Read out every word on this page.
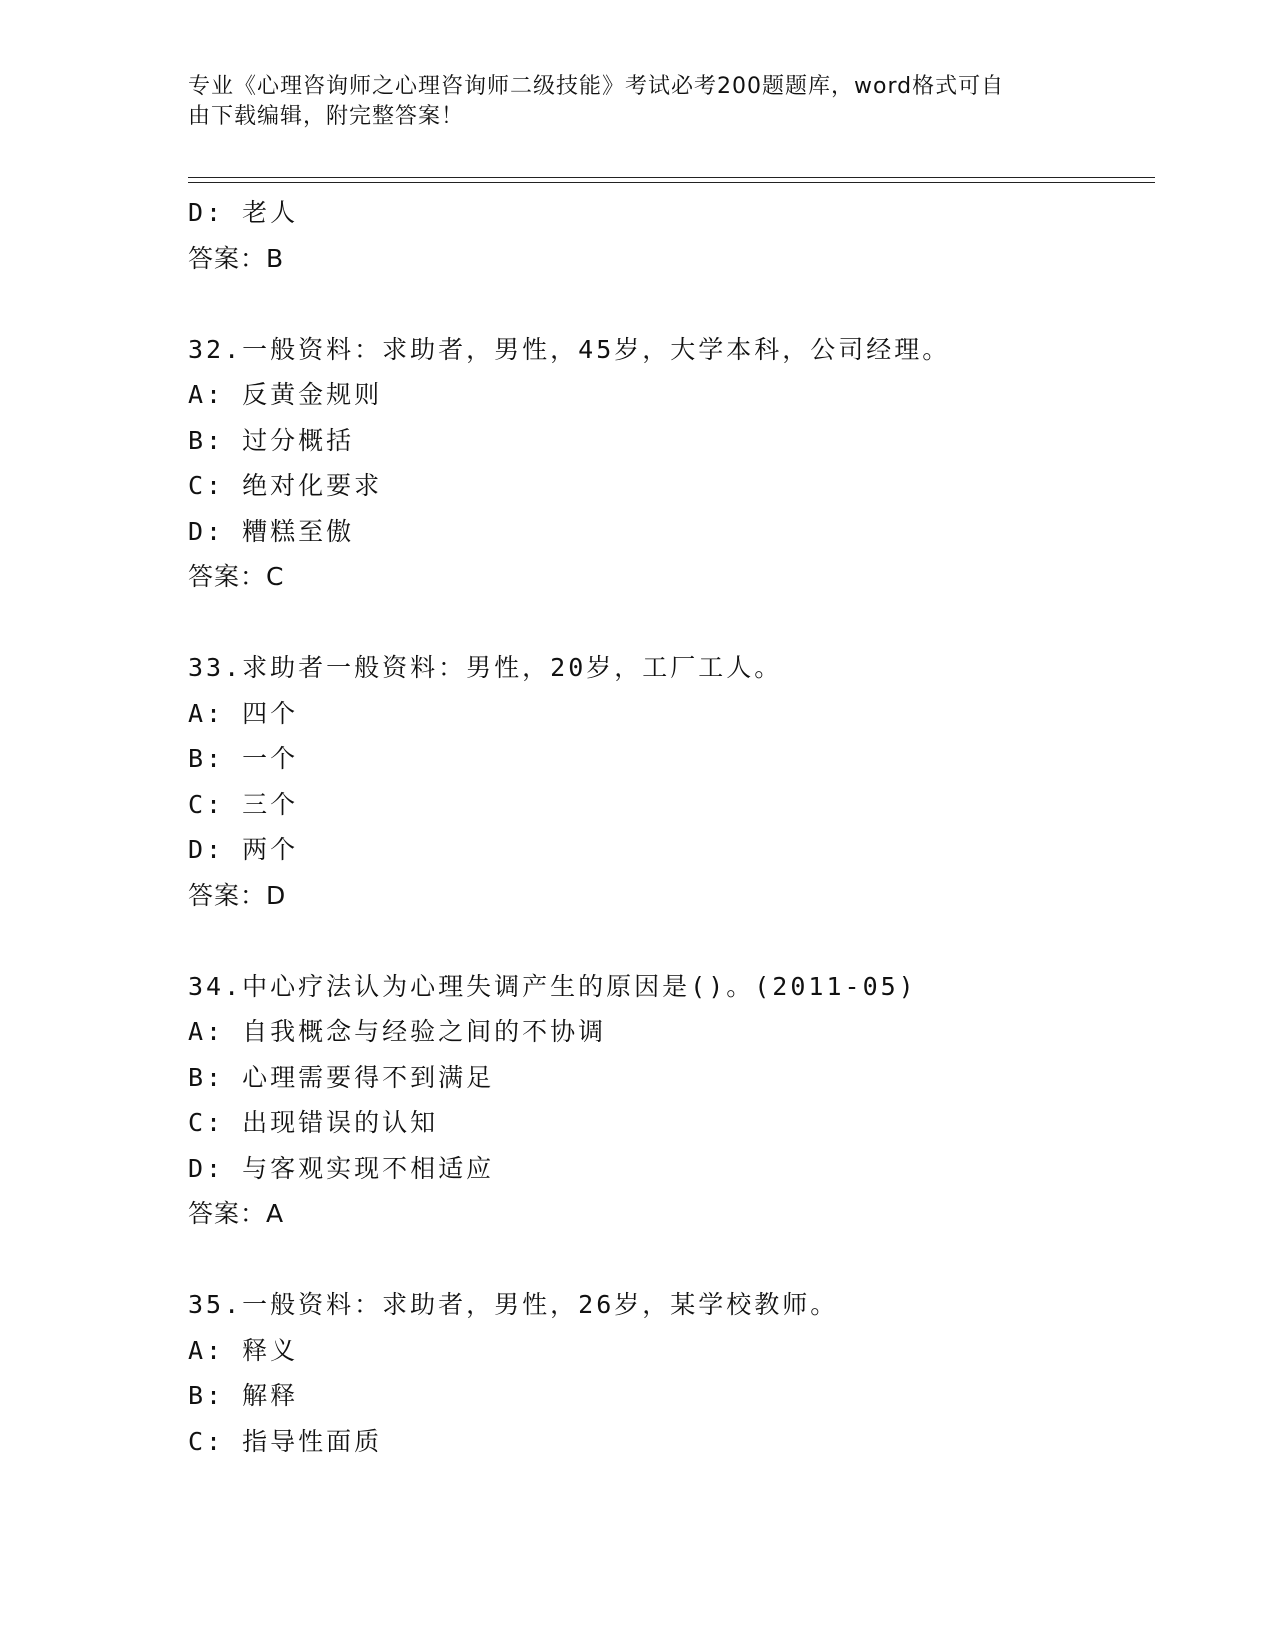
专业《心理咨询师之心理咨询师二级技能》考试必考200题题库，word格式可自
由下载编辑，附完整答案！
D: 老人
答案：B
32.一般资料：求助者，男性，45岁，大学本科，公司经理。
A: 反黄金规则
B: 过分概括
C: 绝对化要求
D: 糟糕至傲
答案：C
33.求助者一般资料：男性，20岁，工厂工人。
A: 四个
B: 一个
C: 三个
D: 两个
答案：D
34.中心疗法认为心理失调产生的原因是()。(2011-05)
A: 自我概念与经验之间的不协调
B: 心理需要得不到满足
C: 出现错误的认知
D: 与客观实现不相适应
答案：A
35.一般资料：求助者，男性，26岁，某学校教师。
A: 释义
B: 解释
C: 指导性面质
